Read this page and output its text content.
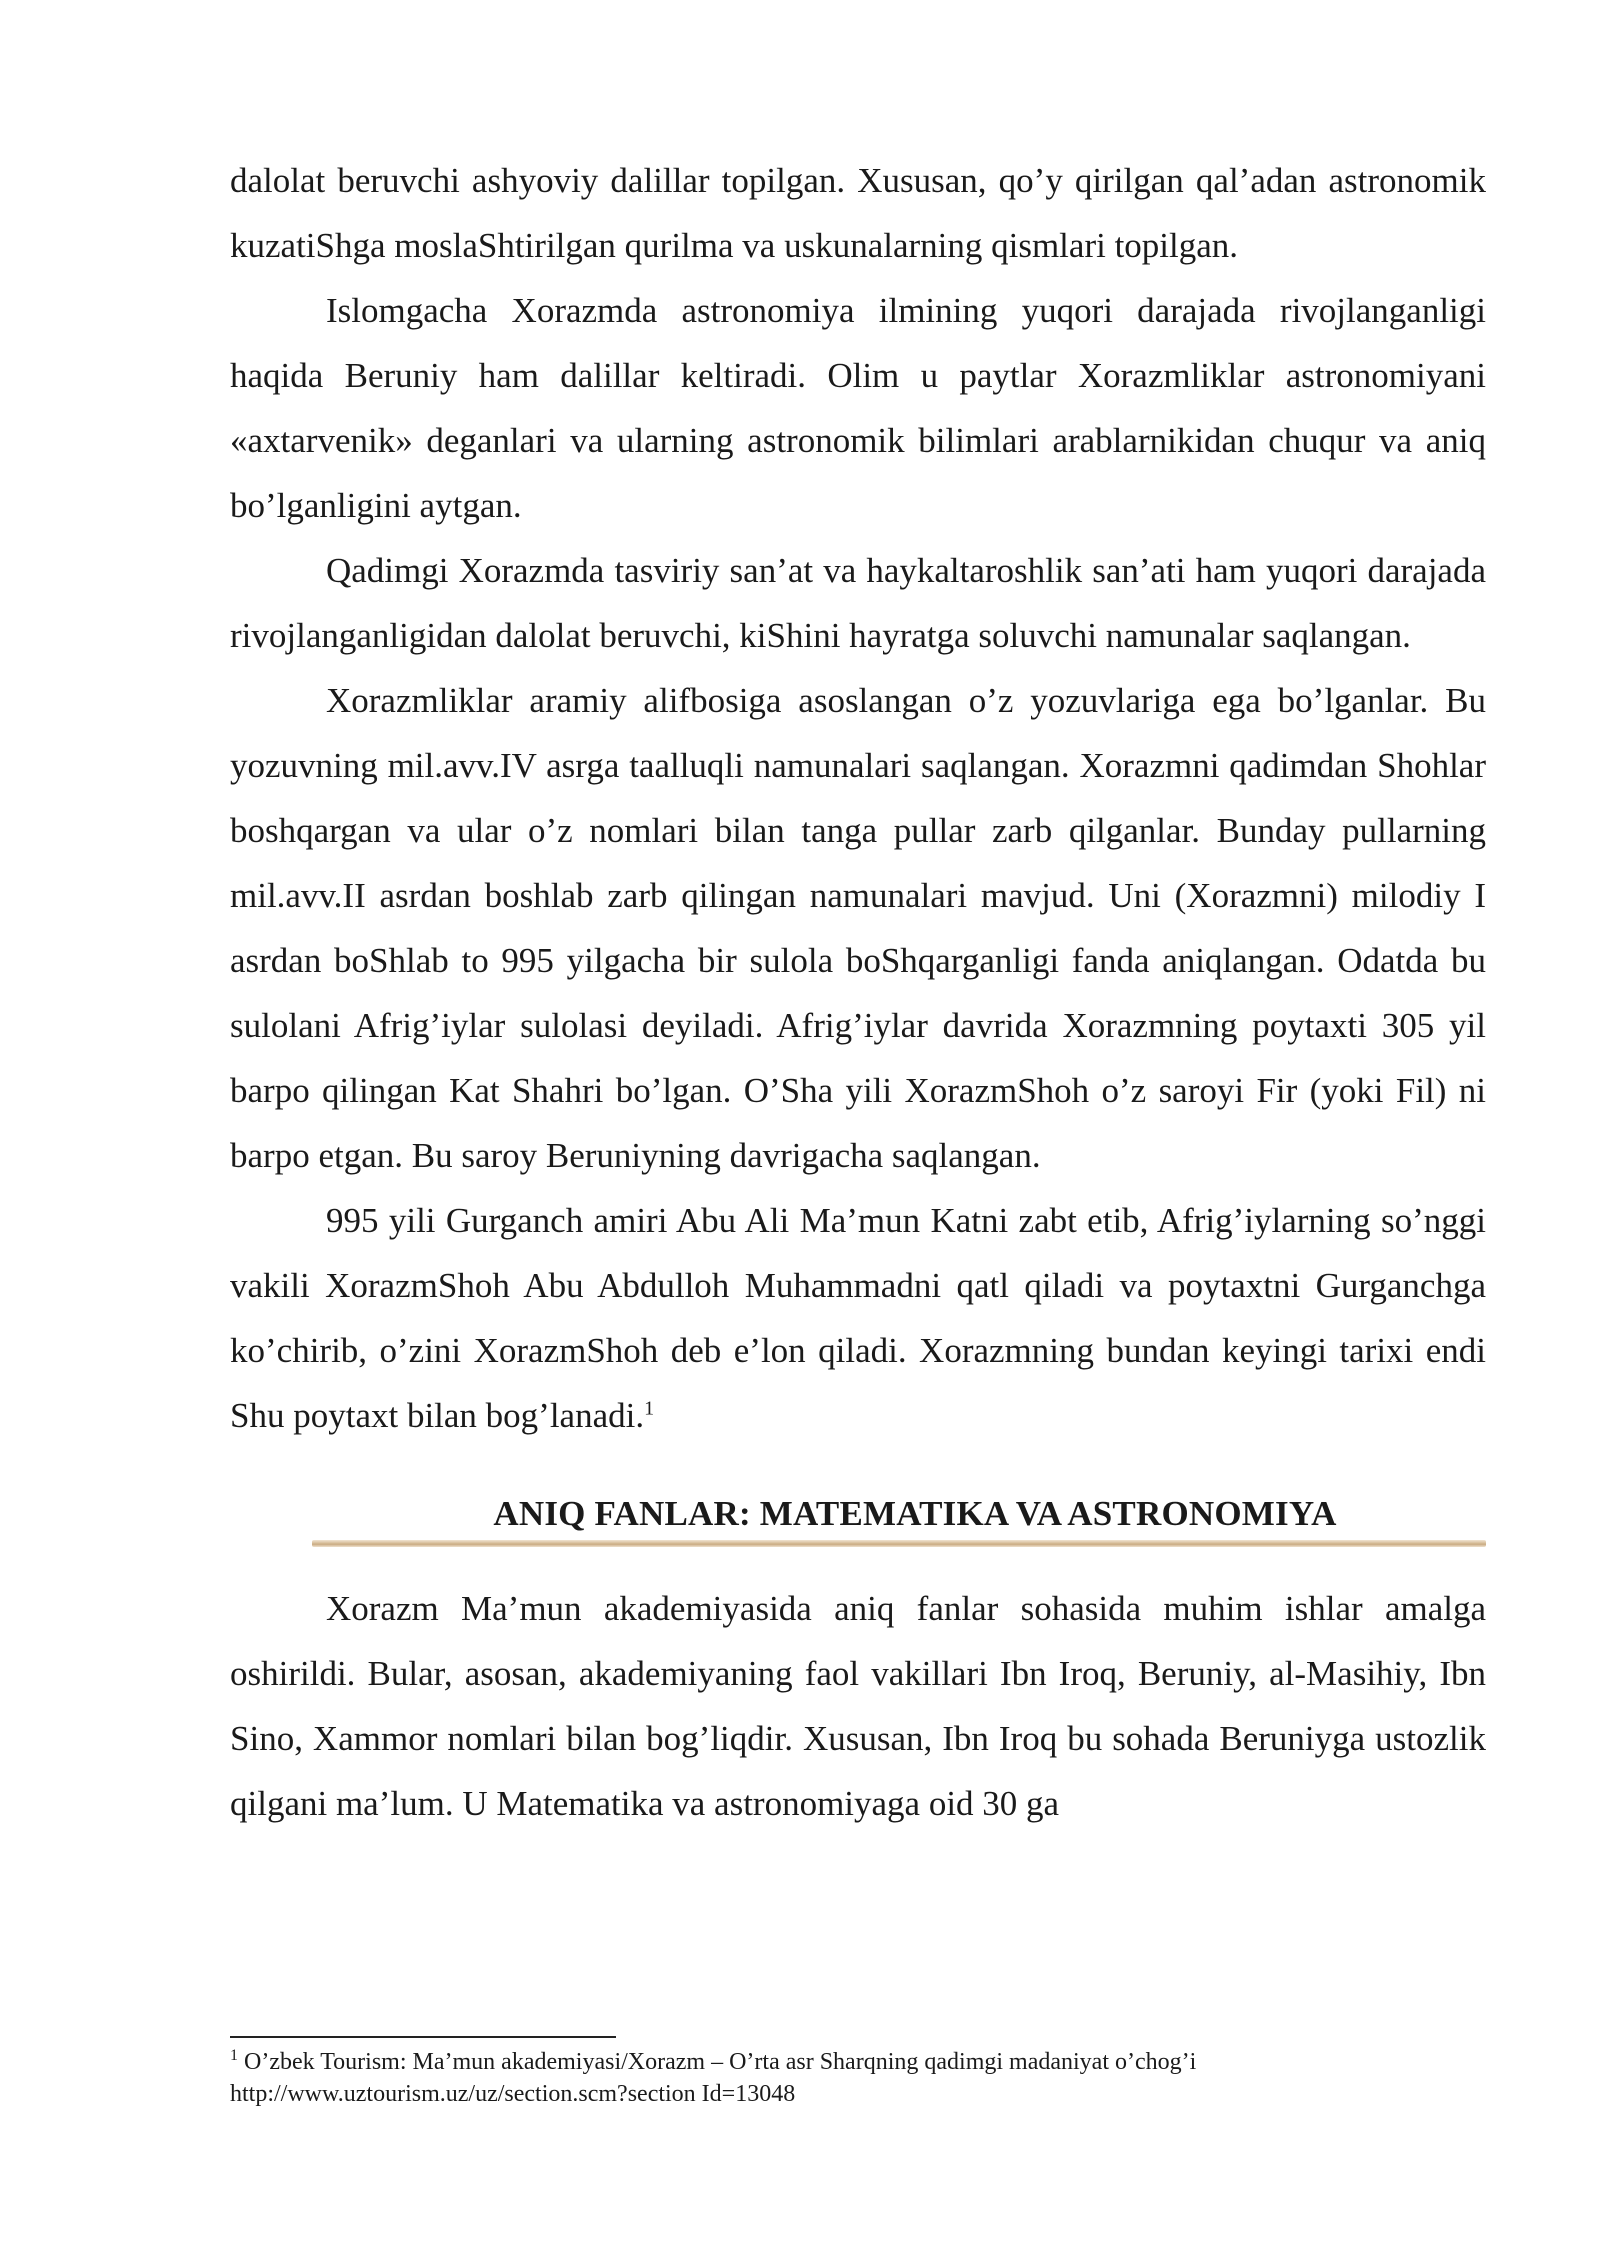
dalolat beruvchi ashyoviy dalillar topilgan. Xususan, qo’y qirilgan qal’adan astronomik kuzatiShga moslaShtirilgan qurilma va uskunalarning qismlari topilgan.

Islomgacha Xorazmda astronomiya ilmining yuqori darajada rivojlanganligi haqida Beruniy ham dalillar keltiradi. Olim u paytlar Xorazmliklar astronomiyani «axtarvenik» deganlari va ularning astronomik bilimlari arablarnikidan chuqur va aniq bo’lganligini aytgan.

Qadimgi Xorazmda tasviriy san’at va haykaltaroshlik san’ati ham yuqori darajada rivojlanganligidan dalolat beruvchi, kiShini hayratga soluvchi namunalar saqlangan.

Xorazmliklar aramiy alifbosiga asoslangan o’z yozuvlariga ega bo’lganlar. Bu yozuvning mil.avv.IV asrga taalluqli namunalari saqlangan. Xorazmni qadimdan Shohlar boshqargan va ular o’z nomlari bilan tanga pullar zarb qilganlar. Bunday pullarning mil.avv.II asrdan boshlab zarb qilingan namunalari mavjud. Uni (Xorazmni) milodiy I asrdan boShlab to 995 yilgacha bir sulola boShqarganligi fanda aniqlangan. Odatda bu sulolani Afrig’iylar sulolasi deyiladi. Afrig’iylar davrida Xorazmning poytaxti 305 yil barpo qilingan Kat Shahri bo’lgan. O’Sha yili XorazmShoh o’z saroyi Fir (yoki Fil) ni barpo etgan. Bu saroy Beruniyning davrigacha saqlangan.

995 yili Gurganch amiri Abu Ali Ma’mun Katni zabt etib, Afrig’iylarning so’nggi vakili XorazmShoh Abu Abdulloh Muhammadni qatl qiladi va poytaxtni Gurganchga ko’chirib, o’zini XorazmShoh deb e’lon qiladi. Xorazmning bundan keyingi tarixi endi Shu poytaxt bilan bog’lanadi.$^1$

ANIQ FANLAR: MATEMATIKA VA ASTRONOMIYA

Xorazm Ma’mun akademiyasida aniq fanlar sohasida muhim ishlar amalga oshirildi. Bular, asosan, akademiyaning faol vakillari Ibn Iroq, Beruniy, al-Masihiy, Ibn Sino, Xammor nomlari bilan bog’liqdir. Xususan, Ibn Iroq bu sohada Beruniyga ustozlik qilgani ma’lum. U Matematika va astronomiyaga oid 30 ga

$^1$ O’zbek Tourism: Ma’mun akademiyasi/Xorazm – O’rta asr Sharqning qadimgi madaniyat o’chog’i
http://www.uztourism.uz/uz/section.scm?section Id=13048
